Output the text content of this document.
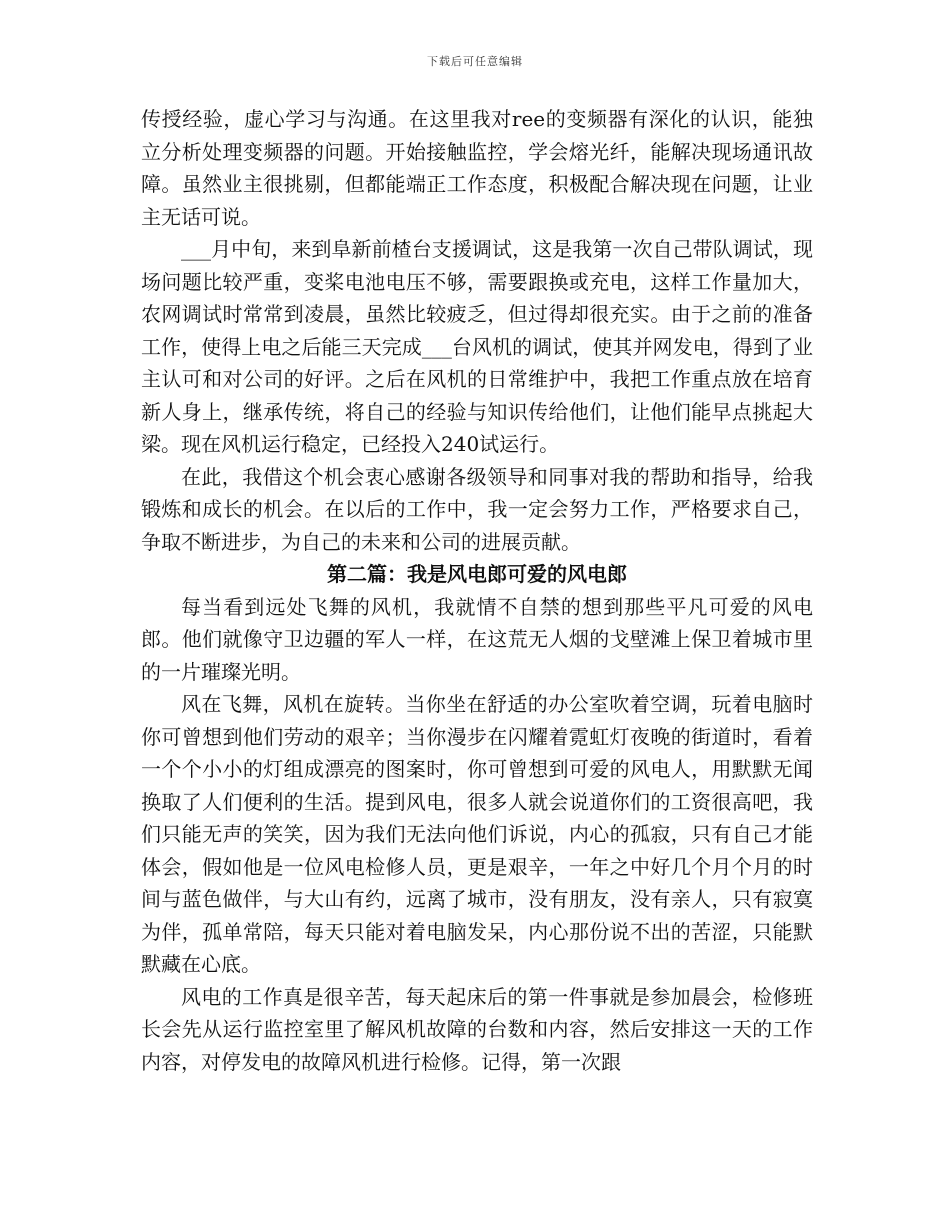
下载后可任意编辑

传授经验，虚心学习与沟通。在这里我对ree的变频器有深化的认识，能独立分析处理变频器的问题。开始接触监控，学会熔光纤，能解决现场通讯故障。虽然业主很挑剔，但都能端正工作态度，积极配合解决现在问题，让业主无话可说。

___月中旬，来到阜新前楂台支援调试，这是我第一次自己带队调试，现场问题比较严重，变桨电池电压不够，需要跟换或充电，这样工作量加大，农网调试时常常到凌晨，虽然比较疲乏，但过得却很充实。由于之前的准备工作，使得上电之后能三天完成___台风机的调试，使其并网发电，得到了业主认可和对公司的好评。之后在风机的日常维护中，我把工作重点放在培育新人身上，继承传统，将自己的经验与知识传给他们，让他们能早点挑起大梁。现在风机运行稳定，已经投入240试运行。

在此，我借这个机会衷心感谢各级领导和同事对我的帮助和指导，给我锻炼和成长的机会。在以后的工作中，我一定会努力工作，严格要求自己，争取不断进步，为自己的未来和公司的进展贡献。

第二篇：我是风电郎可爱的风电郎

每当看到远处飞舞的风机，我就情不自禁的想到那些平凡可爱的风电郎。他们就像守卫边疆的军人一样，在这荒无人烟的戈壁滩上保卫着城市里的一片璀璨光明。

风在飞舞，风机在旋转。当你坐在舒适的办公室吹着空调，玩着电脑时你可曾想到他们劳动的艰辛；当你漫步在闪耀着霓虹灯夜晚的街道时，看着一个个小小的灯组成漂亮的图案时，你可曾想到可爱的风电人，用默默无闻换取了人们便利的生活。提到风电，很多人就会说道你们的工资很高吧，我们只能无声的笑笑，因为我们无法向他们诉说，内心的孤寂，只有自己才能体会，假如他是一位风电检修人员，更是艰辛，一年之中好几个月个月的时间与蓝色做伴，与大山有约，远离了城市，没有朋友，没有亲人，只有寂寞为伴，孤单常陪，每天只能对着电脑发呆，内心那份说不出的苦涩，只能默默藏在心底。

风电的工作真是很辛苦，每天起床后的第一件事就是参加晨会，检修班长会先从运行监控室里了解风机故障的台数和内容，然后安排这一天的工作内容，对停发电的故障风机进行检修。记得，第一次跟
